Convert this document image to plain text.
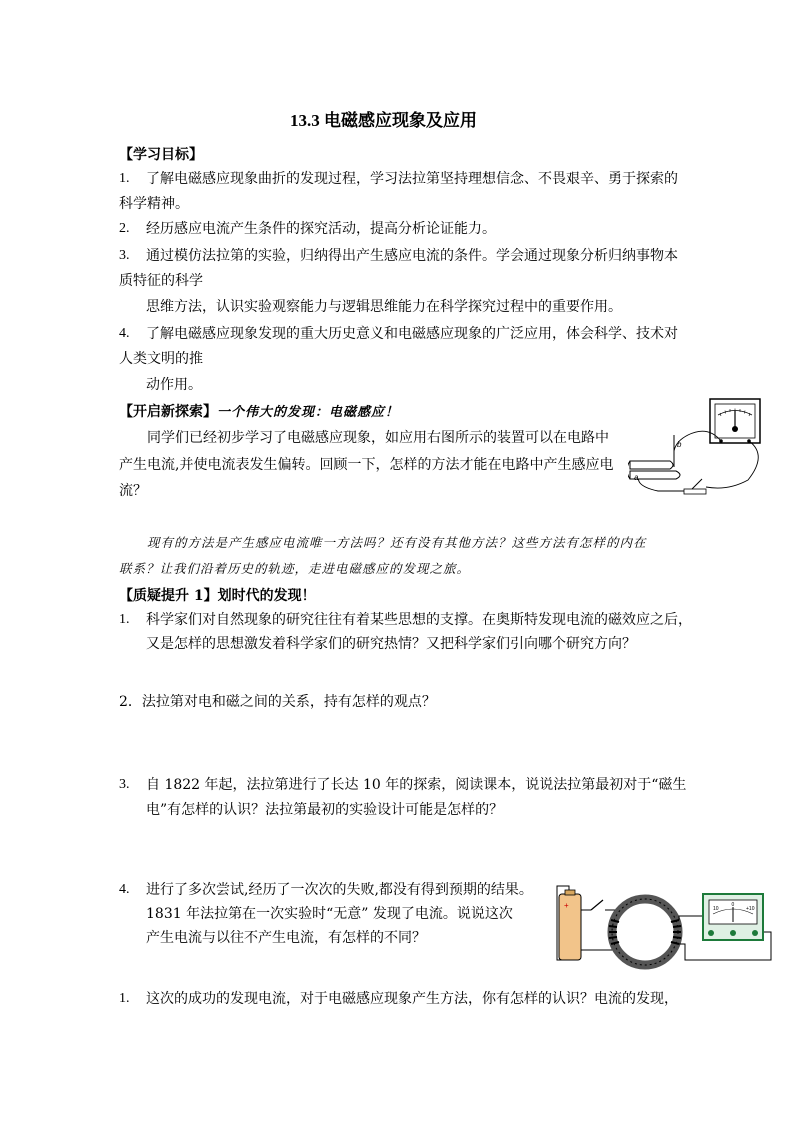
13.3 电磁感应现象及应用
【学习目标】
1. 了解电磁感应现象曲折的发现过程，学习法拉第坚持理想信念、不畏艰辛、勇于探索的
科学精神。
2. 经历感应电流产生条件的探究活动，提高分析论证能力。
3. 通过模仿法拉第的实验，归纳得出产生感应电流的条件。学会通过现象分析归纳事物本
质特征的科学
思维方法，认识实验观察能力与逻辑思维能力在科学探究过程中的重要作用。
4. 了解电磁感应现象发现的重大历史意义和电磁感应现象的广泛应用，体会科学、技术对
人类文明的推
动作用。
【开启新探索】一个伟大的发现：电磁感应！
同学们已经初步学习了电磁感应现象，如应用右图所示的装置可以在电路中
产生电流,并使电流表发生偏转。回顾一下，怎样的方法才能在电路中产生感应电
流？
a
b
现有的方法是产生感应电流唯一方法吗？还有没有其他方法？这些方法有怎样的内在
联系？让我们沿着历史的轨迹，走进电磁感应的发现之旅。
【质疑提升 1】划时代的发现！
1. 科学家们对自然现象的研究往往有着某些思想的支撑。在奥斯特发现电流的磁效应之后，
又是怎样的思想激发着科学家们的研究热情？又把科学家们引向哪个研究方向？
2．法拉第对电和磁之间的关系，持有怎样的观点？
3. 自 1822 年起，法拉第进行了长达 10 年的探索，阅读课本，说说法拉第最初对于“磁生
电”有怎样的认识？法拉第最初的实验设计可能是怎样的？
4. 进行了多次尝试,经历了一次次的失败,都没有得到预期的结果。
1831 年法拉第在一次实验时“无意” 发现了电流。说说这次
产生电流与以往不产生电流，有怎样的不同？
+	10
0
+10
1. 这次的成功的发现电流，对于电磁感应现象产生方法，你有怎样的认识？电流的发现，
